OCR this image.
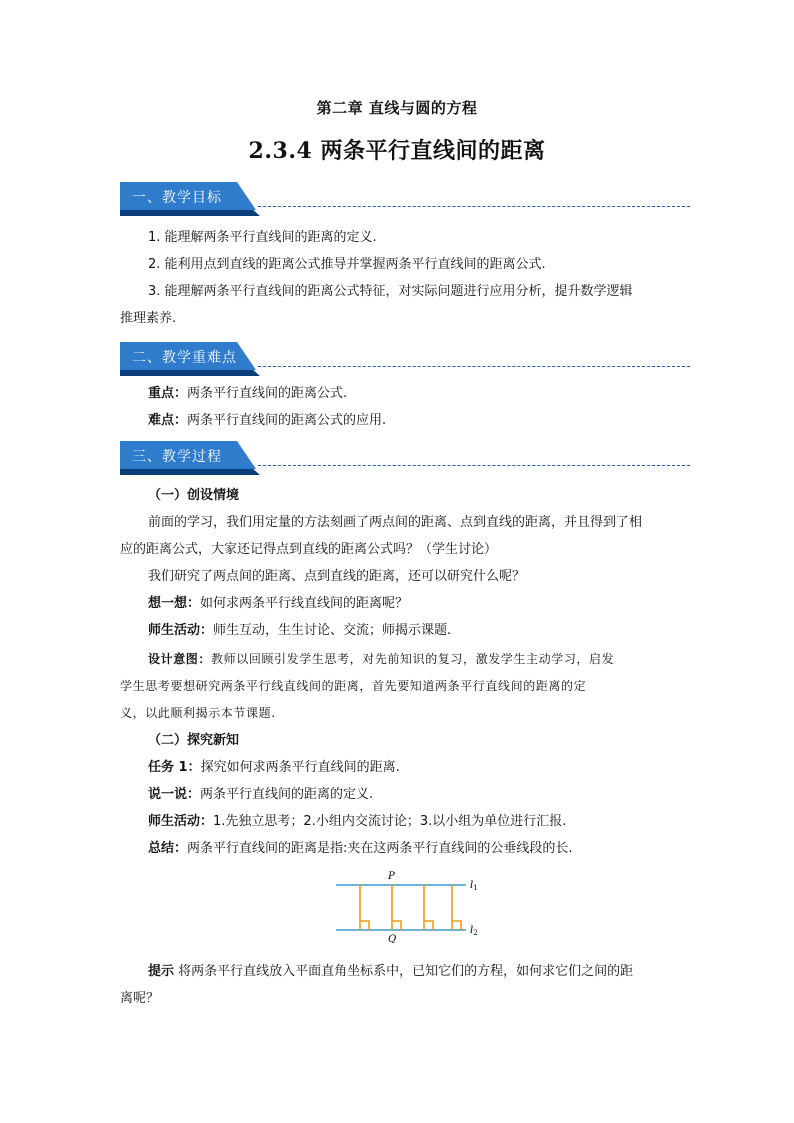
第二章 直线与圆的方程
2.3.4 两条平行直线间的距离
一、教学目标
1. 能理解两条平行直线间的距离的定义.
2. 能利用点到直线的距离公式推导并掌握两条平行直线间的距离公式.
3. 能理解两条平行直线间的距离公式特征，对实际问题进行应用分析，提升数学逻辑
推理素养.
二、教学重难点
重点：两条平行直线间的距离公式.
难点：两条平行直线间的距离公式的应用.
三、教学过程
（一）创设情境
前面的学习，我们用定量的方法刻画了两点间的距离、点到直线的距离，并且得到了相
应的距离公式，大家还记得点到直线的距离公式吗？（学生讨论）
我们研究了两点间的距离、点到直线的距离，还可以研究什么呢？
想一想：如何求两条平行线直线间的距离呢？
师生活动：师生互动，生生讨论、交流；师揭示课题.
设计意图：教师以回顾引发学生思考，对先前知识的复习，激发学生主动学习，启发
学生思考要想研究两条平行线直线间的距离，首先要知道两条平行直线间的距离的定
义，以此顺利揭示本节课题.
（二）探究新知
任务 1：探究如何求两条平行直线间的距离.
说一说：两条平行直线间的距离的定义.
师生活动：1.先独立思考；2.小组内交流讨论；3.以小组为单位进行汇报.
总结：两条平行直线间的距离是指:夹在这两条平行直线间的公垂线段的长.
P
Q
$l_1$
$l_2$
提示 将两条平行直线放入平面直角坐标系中，已知它们的方程，如何求它们之间的距
离呢？
